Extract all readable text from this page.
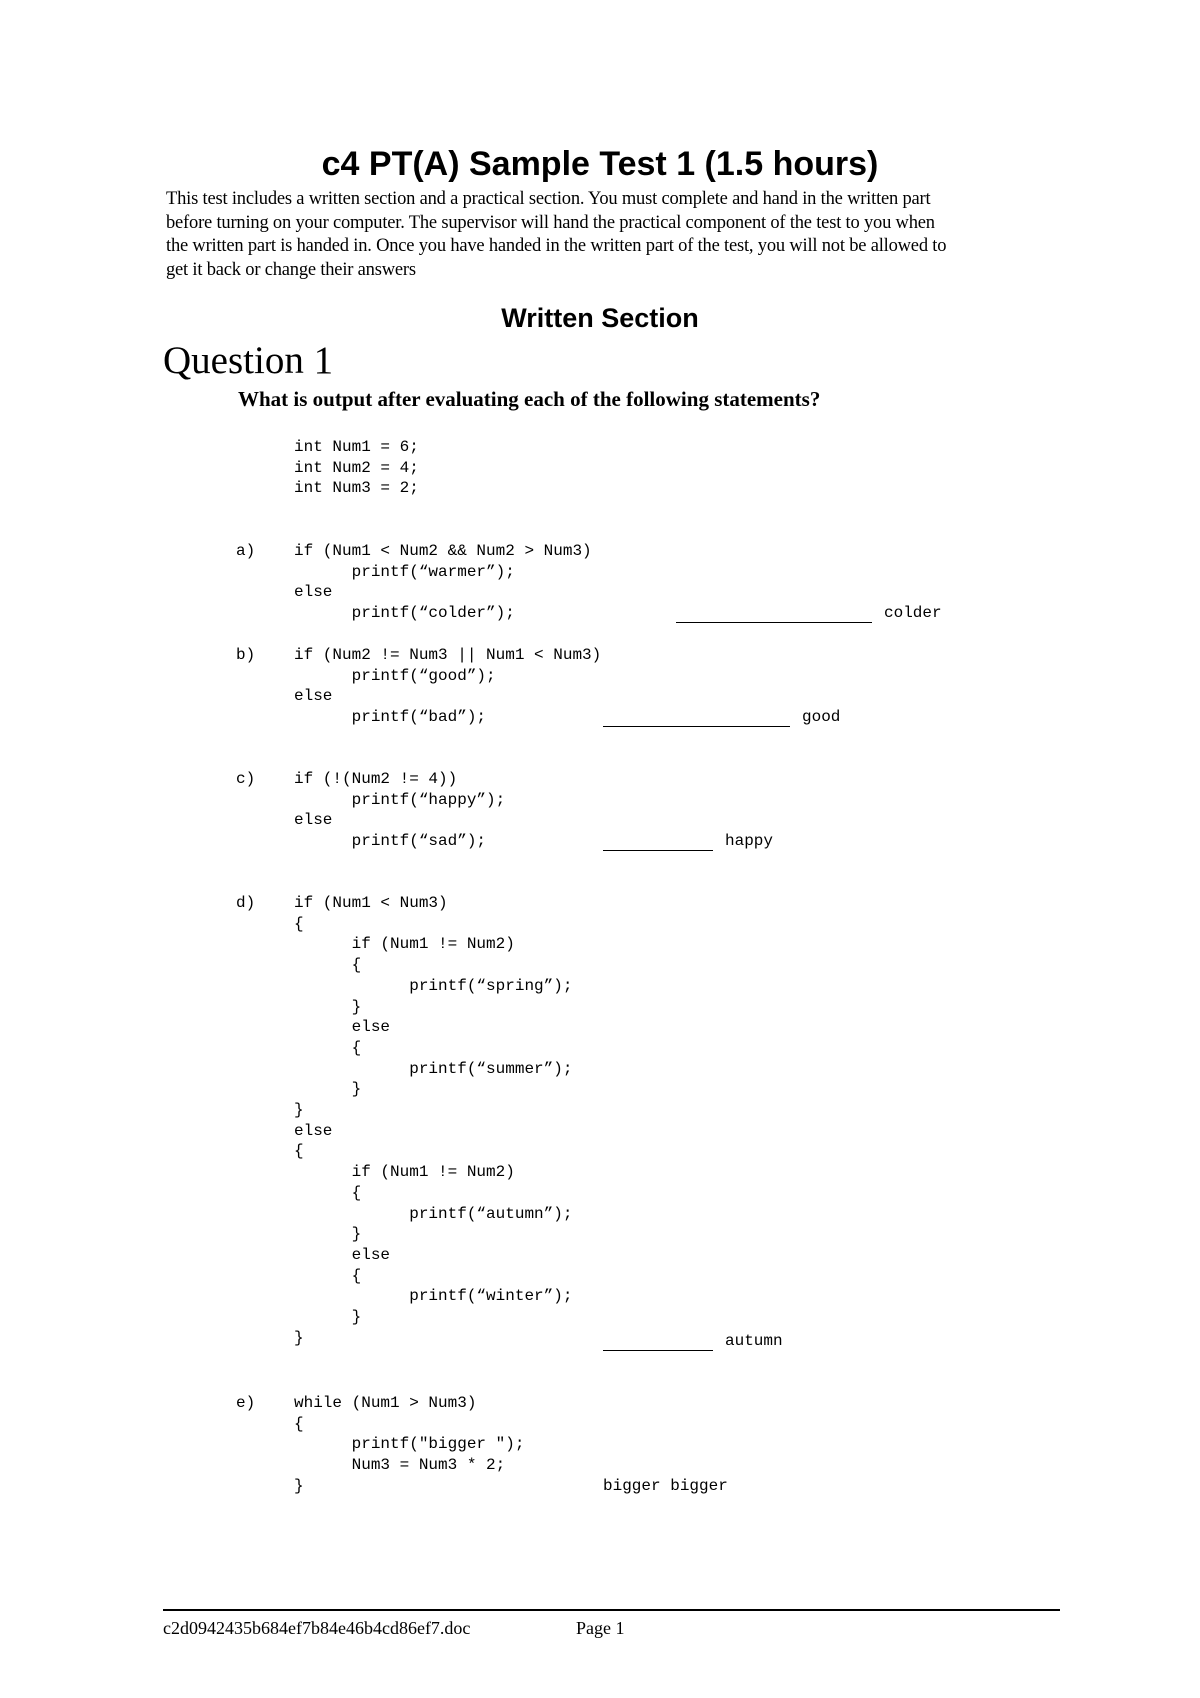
c4 PT(A) Sample Test 1 (1.5 hours)
This test includes a written section and a practical section. You must complete and hand in the written part
before turning on your computer. The supervisor will hand the practical component of the test to you when
the written part is handed in. Once you have handed in the written part of the test, you will not be allowed to
get it back or change their answers
Written Section
Question 1
What is output after evaluating each of the following statements?
int Num1 = 6;
int Num2 = 4;
int Num3 = 2;
a) if (Num1 < Num2 && Num2 > Num3)
printf(“warmer”);
else
printf(“colder”);	colder
b) if (Num2 != Num3 || Num1 < Num3)
printf(“good”);
else
printf(“bad”);	good
c) if (!(Num2 != 4))
printf(“happy”);
else
printf(“sad”);	happy
d) if (Num1 < Num3)
{
if (Num1 != Num2)
{
printf(“spring”);
}
else
{
printf(“summer”);
}
}
else
{
if (Num1 != Num2)
{
printf(“autumn”);
}
else
{
printf(“winter”);
}
}	autumn
e) while (Num1 > Num3)
{
printf("bigger ");
Num3 = Num3 * 2;
}	bigger bigger
c2d0942435b684ef7b84e46b4cd86ef7.doc	Page 1
